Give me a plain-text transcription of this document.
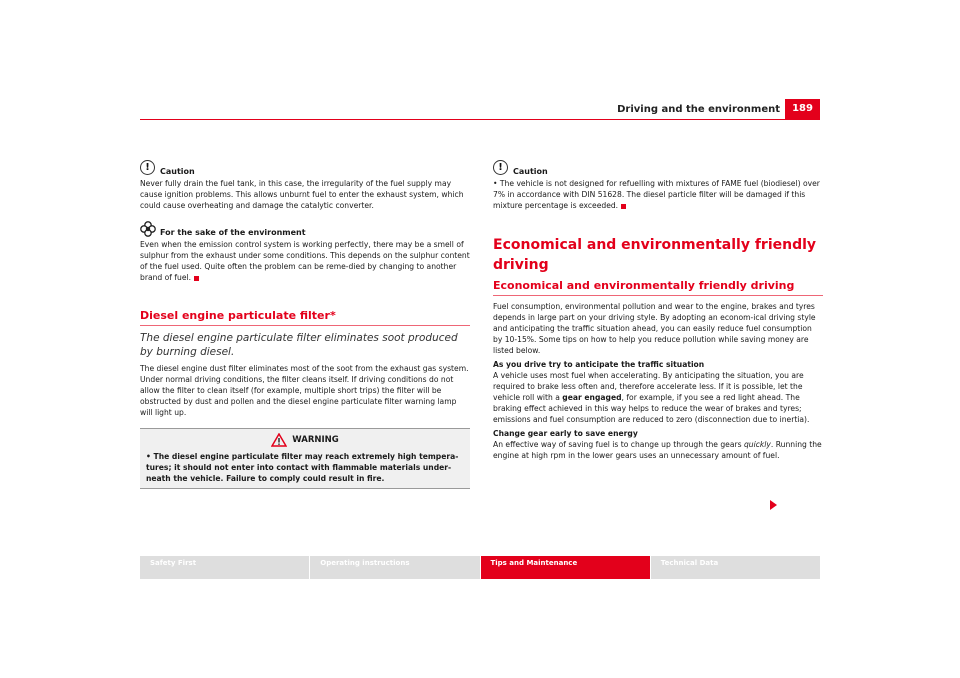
Driving and the environment	189
!	Caution

Never fully drain the fuel tank, in this case, the irregularity of the fuel supply may cause ignition problems. This allows unburnt fuel to enter the exhaust system, which could cause overheating and damage the catalytic converter.

For the sake of the environment

Even when the emission control system is working perfectly, there may be a smell of sulphur from the exhaust under some conditions. This depends on the sulphur content of the fuel used. Quite often the problem can be reme-died by changing to another brand of fuel.

Diesel engine particulate filter*

The diesel engine particulate filter eliminates soot produced by burning diesel.

The diesel engine dust filter eliminates most of the soot from the exhaust gas system. Under normal driving conditions, the filter cleans itself. If driving conditions do not allow the filter to clean itself (for example, multiple short trips) the filter will be obstructed by dust and pollen and the diesel engine particulate filter warning lamp will light up.

WARNING

• The diesel engine particulate filter may reach extremely high tempera-tures; it should not enter into contact with flammable materials under-neath the vehicle. Failure to comply could result in fire.

!	Caution

• The vehicle is not designed for refuelling with mixtures of FAME fuel (biodiesel) over 7% in accordance with DIN 51628. The diesel particle filter will be damaged if this mixture percentage is exceeded.

Economical and environmentally friendly driving
Economical and environmentally friendly driving

Fuel consumption, environmental pollution and wear to the engine, brakes and tyres depends in large part on your driving style. By adopting an econom-ical driving style and anticipating the traffic situation ahead, you can easily reduce fuel consumption by 10-15%. Some tips on how to help you reduce pollution while saving money are listed below.

As you drive try to anticipate the traffic situation

A vehicle uses most fuel when accelerating. By anticipating the situation, you are required to brake less often and, therefore accelerate less. If it is possible, let the vehicle roll with a gear engaged, for example, if you see a red light ahead. The braking effect achieved in this way helps to reduce the wear of brakes and tyres; emissions and fuel consumption are reduced to zero (disconnection due to inertia).

Change gear early to save energy

An effective way of saving fuel is to change up through the gears quickly. Running the engine at high rpm in the lower gears uses an unnecessary amount of fuel.

Safety First	Operating instructions	Tips and Maintenance	Technical Data
